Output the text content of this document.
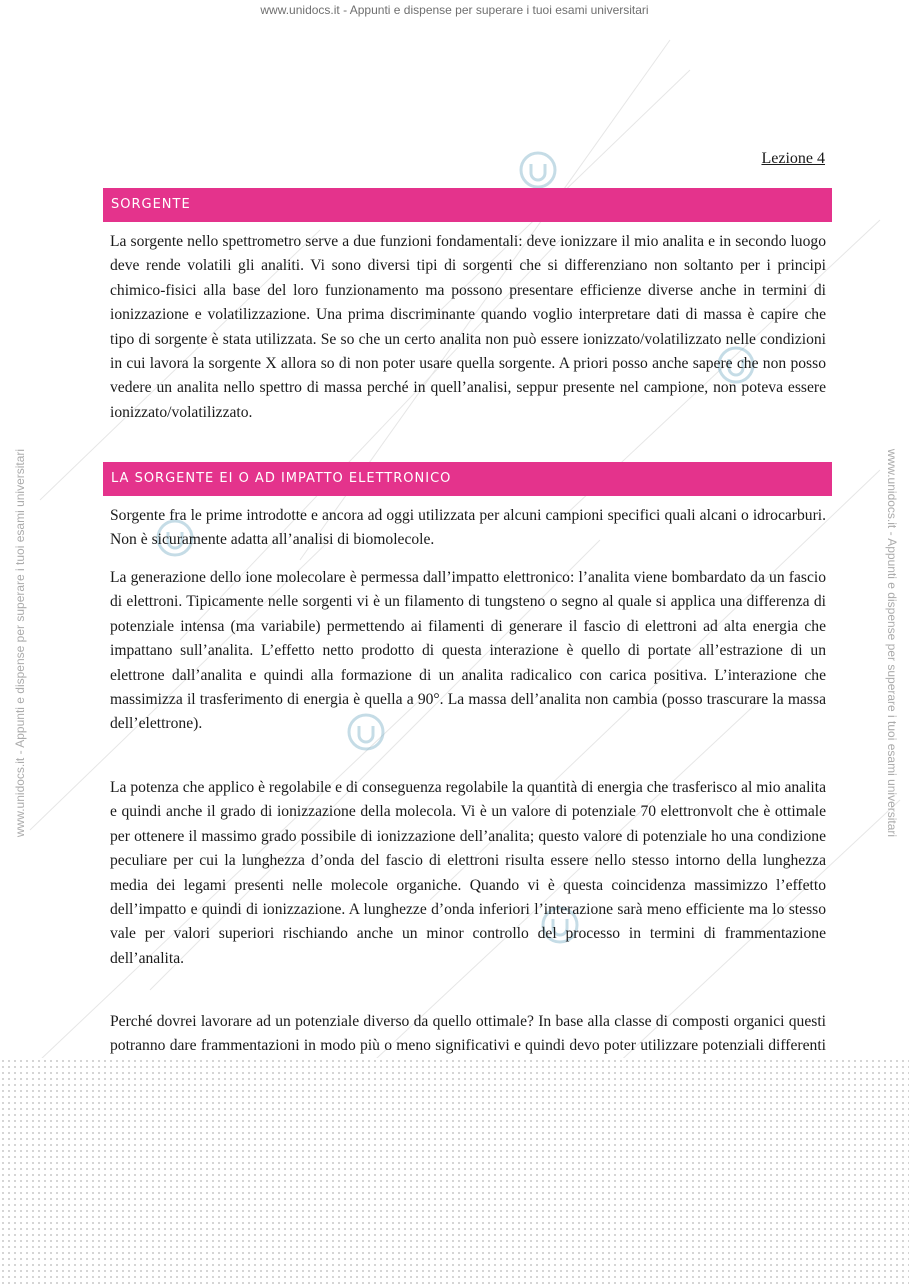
www.unidocs.it - Appunti e dispense per superare i tuoi esami universitari
www.unidocs.it - Appunti e dispense per superare i tuoi esami universitari	www.unidocs.it - Appunti e dispense per superare i tuoi esami universitari
Lezione 4
SORGENTE

La sorgente nello spettrometro serve a due funzioni fondamentali: deve ionizzare il mio analita e in secondo luogo deve rende volatili gli analiti. Vi sono diversi tipi di sorgenti che si differenziano non soltanto per i principi chimico-fisici alla base del loro funzionamento ma possono presentare efficienze diverse anche in termini di ionizzazione e volatilizzazione. Una prima discriminante quando voglio interpretare dati di massa è capire che tipo di sorgente è stata utilizzata. Se so che un certo analita non può essere ionizzato/volatilizzato nelle condizioni in cui lavora la sorgente X allora so di non poter usare quella sorgente. A priori posso anche sapere che non posso vedere un analita nello spettro di massa perché in quell’analisi, seppur presente nel campione, non poteva essere ionizzato/volatilizzato.

LA SORGENTE EI O AD IMPATTO ELETTRONICO

Sorgente fra le prime introdotte e ancora ad oggi utilizzata per alcuni campioni specifici quali alcani o idrocarburi. Non è sicuramente adatta all’analisi di biomolecole.

La generazione dello ione molecolare è permessa dall’impatto elettronico: l’analita viene bombardato da un fascio di elettroni. Tipicamente nelle sorgenti vi è un filamento di tungsteno o segno al quale si applica una differenza di potenziale intensa (ma variabile) permettendo ai filamenti di generare il fascio di elettroni ad alta energia che impattano sull’analita. L’effetto netto prodotto di questa interazione è quello di portate all’estrazione di un elettrone dall’analita e quindi alla formazione di un analita radicalico con carica positiva. L’interazione che massimizza il trasferimento di energia è quella a 90°. La massa dell’analita non cambia (posso trascurare la massa dell’elettrone).

La potenza che applico è regolabile e di conseguenza regolabile la quantità di energia che trasferisco al mio analita e quindi anche il grado di ionizzazione della molecola. Vi è un valore di potenziale 70 elettronvolt che è ottimale per ottenere il massimo grado possibile di ionizzazione dell’analita; questo valore di potenziale ho una condizione peculiare per cui la lunghezza d’onda del fascio di elettroni risulta essere nello stesso intorno della lunghezza media dei legami presenti nelle molecole organiche. Quando vi è questa coincidenza massimizzo l’effetto dell’impatto e quindi di ionizzazione. A lunghezze d’onda inferiori l’interazione sarà meno efficiente ma lo stesso vale per valori superiori rischiando anche un minor controllo del processo in termini di frammentazione dell’analita.

Perché dovrei lavorare ad un potenziale diverso da quello ottimale? In base alla classe di composti organici questi potranno dare frammentazioni in modo più o meno significativi e quindi devo poter utilizzare potenziali differenti
